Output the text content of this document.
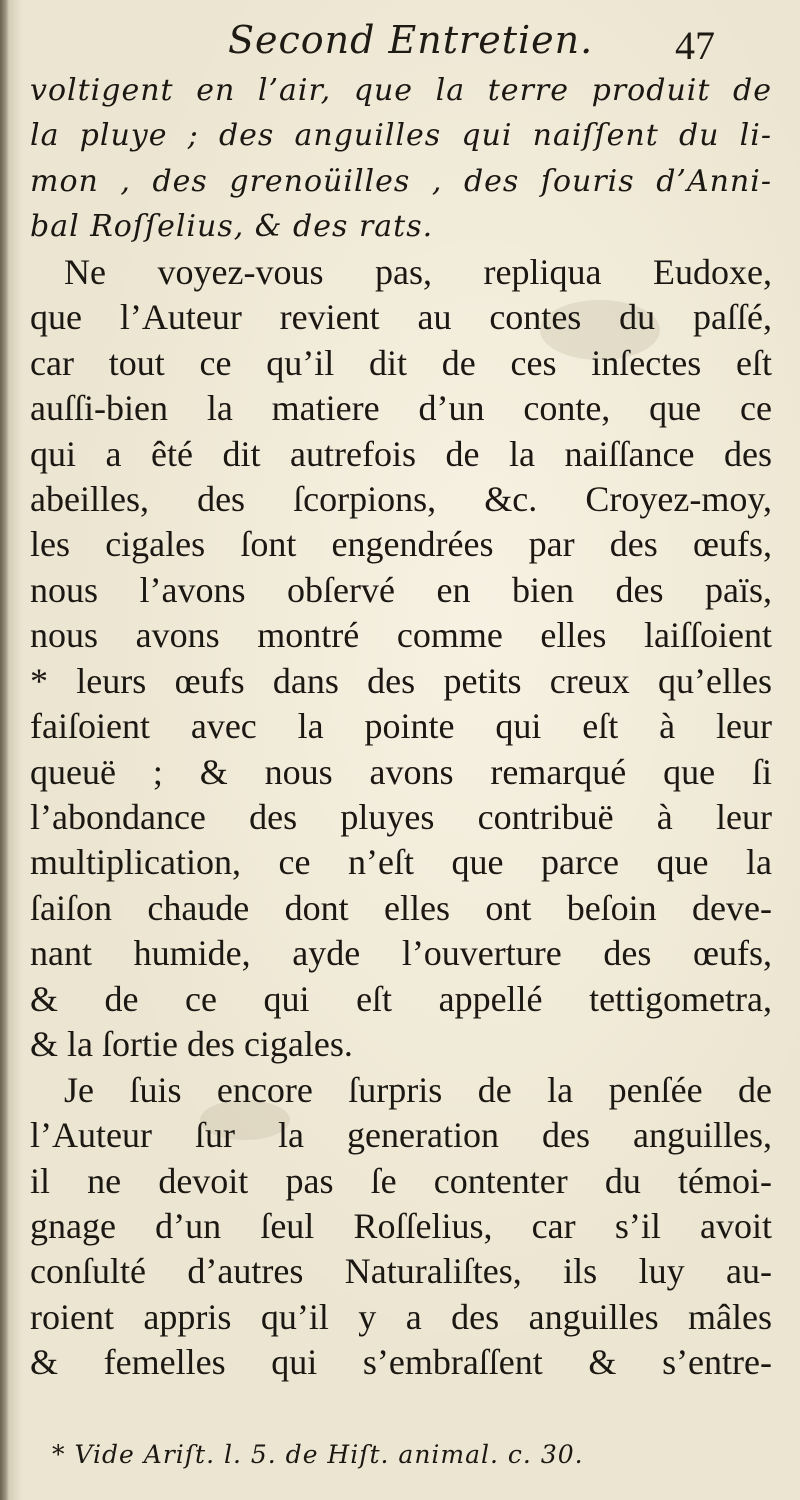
Second Entretien. 47
voltigent en l’air, que la terre produit de
la pluye ; des anguilles qui naiſſent du li-
mon , des grenoüilles , des ſouris d’Anni-
bal Roſſelius, & des rats.
Ne voyez-vous pas, repliqua Eudoxe,
que l’Auteur revient au contes du paſſé,
car tout ce qu’il dit de ces inſectes eſt
auſſi-bien la matiere d’un conte, que ce
qui a êté dit autrefois de la naiſſance des
abeilles, des ſcorpions, &c. Croyez-moy,
les cigales ſont engendrées par des œufs,
nous l’avons obſervé en bien des païs,
nous avons montré comme elles laiſſoient
* leurs œufs dans des petits creux qu’elles
faiſoient avec la pointe qui eſt à leur
queuë ; & nous avons remarqué que ſi
l’abondance des pluyes contribuë à leur
multiplication, ce n’eſt que parce que la
ſaiſon chaude dont elles ont beſoin deve-
nant humide, ayde l’ouverture des œufs,
& de ce qui eſt appellé tettigometra,
& la ſortie des cigales.
Je ſuis encore ſurpris de la penſée de
l’Auteur ſur la generation des anguilles,
il ne devoit pas ſe contenter du témoi-
gnage d’un ſeul Roſſelius, car s’il avoit
conſulté d’autres Naturaliſtes, ils luy au-
roient appris qu’il y a des anguilles mâles
& femelles qui s’embraſſent & s’entre-
* Vide Ariſt. l. 5. de Hiſt. animal. c. 30.
